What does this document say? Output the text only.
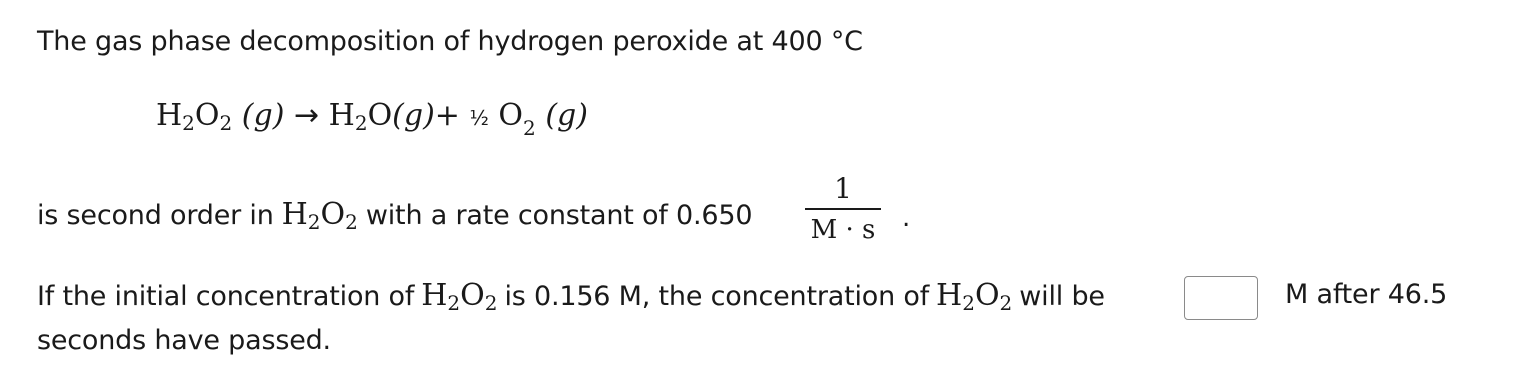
The gas phase decomposition of hydrogen peroxide at 400 °C
$H_2O_2$ $(g) \to H_2O(g)+$ ½ $O_2$ (g)
is second order in $H_2O_2$ with a rate constant of 0.650
1
M · s .
If the initial concentration of $H_2O_2$ is 0.156 M, the concentration of $H_2O_2$ will be	M after 46.5
seconds have passed.
